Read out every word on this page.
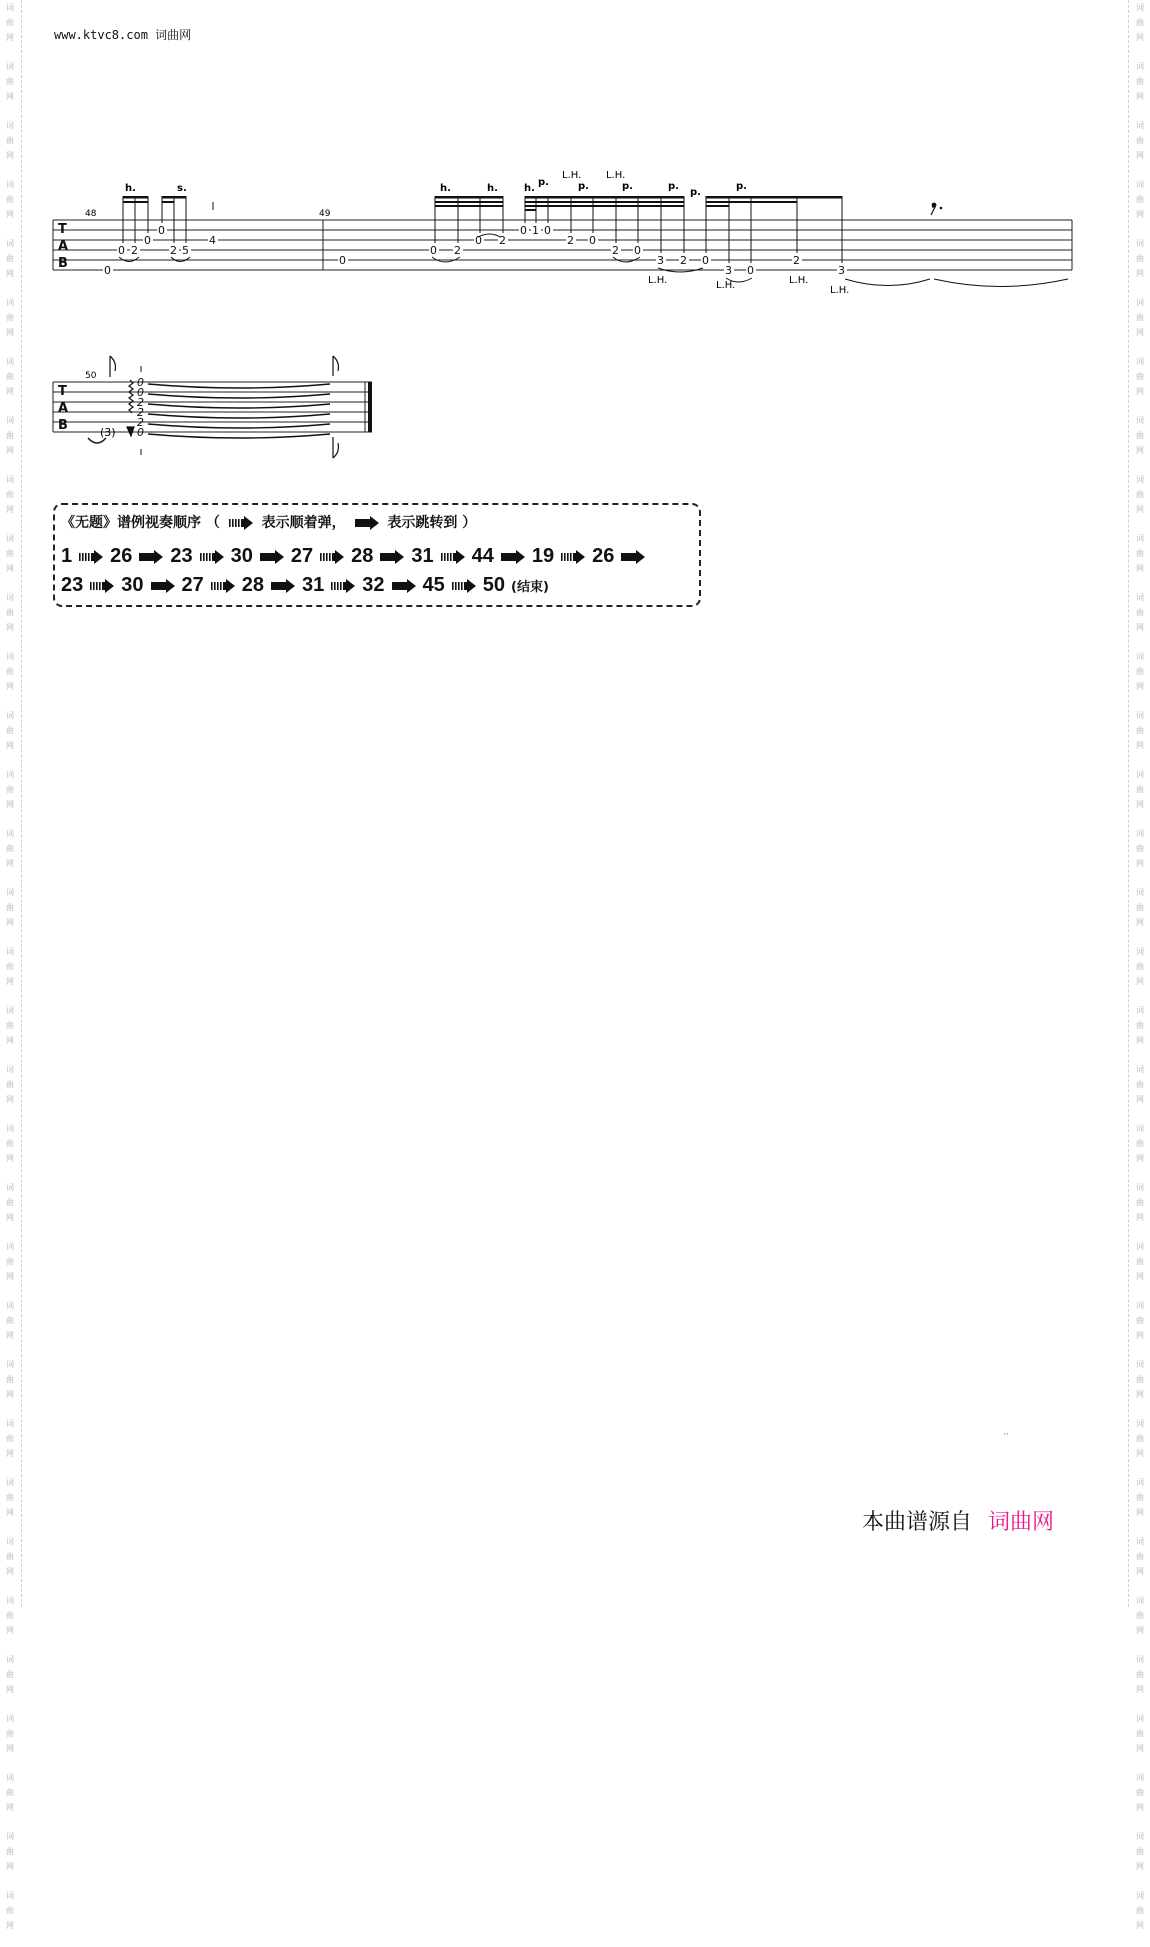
词
曲
网
词
曲
网
词
曲
网
词
曲
网
词
曲
网
词
曲
网
词
曲
网
词
曲
网
词
曲
网
词
曲
网
词
曲
网
词
曲
网
词
曲
网
词
曲
网
词
曲
网
词
曲
网
词
曲
网
词
曲
网
词
曲
网
词
曲
网
词
曲
网
词
曲
网
词
曲
网
词
曲
网
词
曲
网
词
曲
网
词
曲
网
词
曲
网
词
曲
网
词
曲
网
词
曲
网
词
曲
网
词
曲
网
词
曲
网
词
曲
网
词
曲
网
词
曲
网
词
曲
网
词
曲
网
词
曲
网
词
曲
网
词
曲
网
词
曲
网
词
曲
网
词
曲
网
词
曲
网
词
曲
网
词
曲
网
词
曲
网
词
曲
网
词
曲
网
词
曲
网
词
曲
网
词
曲
网
词
曲
网
词
曲
网
词
曲
网
词
曲
网
词
曲
网
词
曲
网
词
曲
网
词
曲
网
词
曲
网
词
曲
网
词
曲
网
词
曲
网
www.ktvc8.com 词曲网
T
A
B
48	49
h.	s.
0 2
0
0
2 5
4
0
h.	h.	h.
p.
L.H.
p.
L.H.
p.	p.
p.
p.
L.H.	L.H.	L.H.
L.H.
0
0 2
0 2
0 1 0
2 0
2 0
3 2 0
3 0
2
3
T
A
B
50	0
0
2
2
2
0
(3)
《无题》谱例视奏顺序 （	表示顺着弹，	表示跳转到 ）
1 26 23 30 27 28 31 44 19 26
23 30 27 28 31 32 45 50 (结束)
··
本曲谱源自 词曲网
